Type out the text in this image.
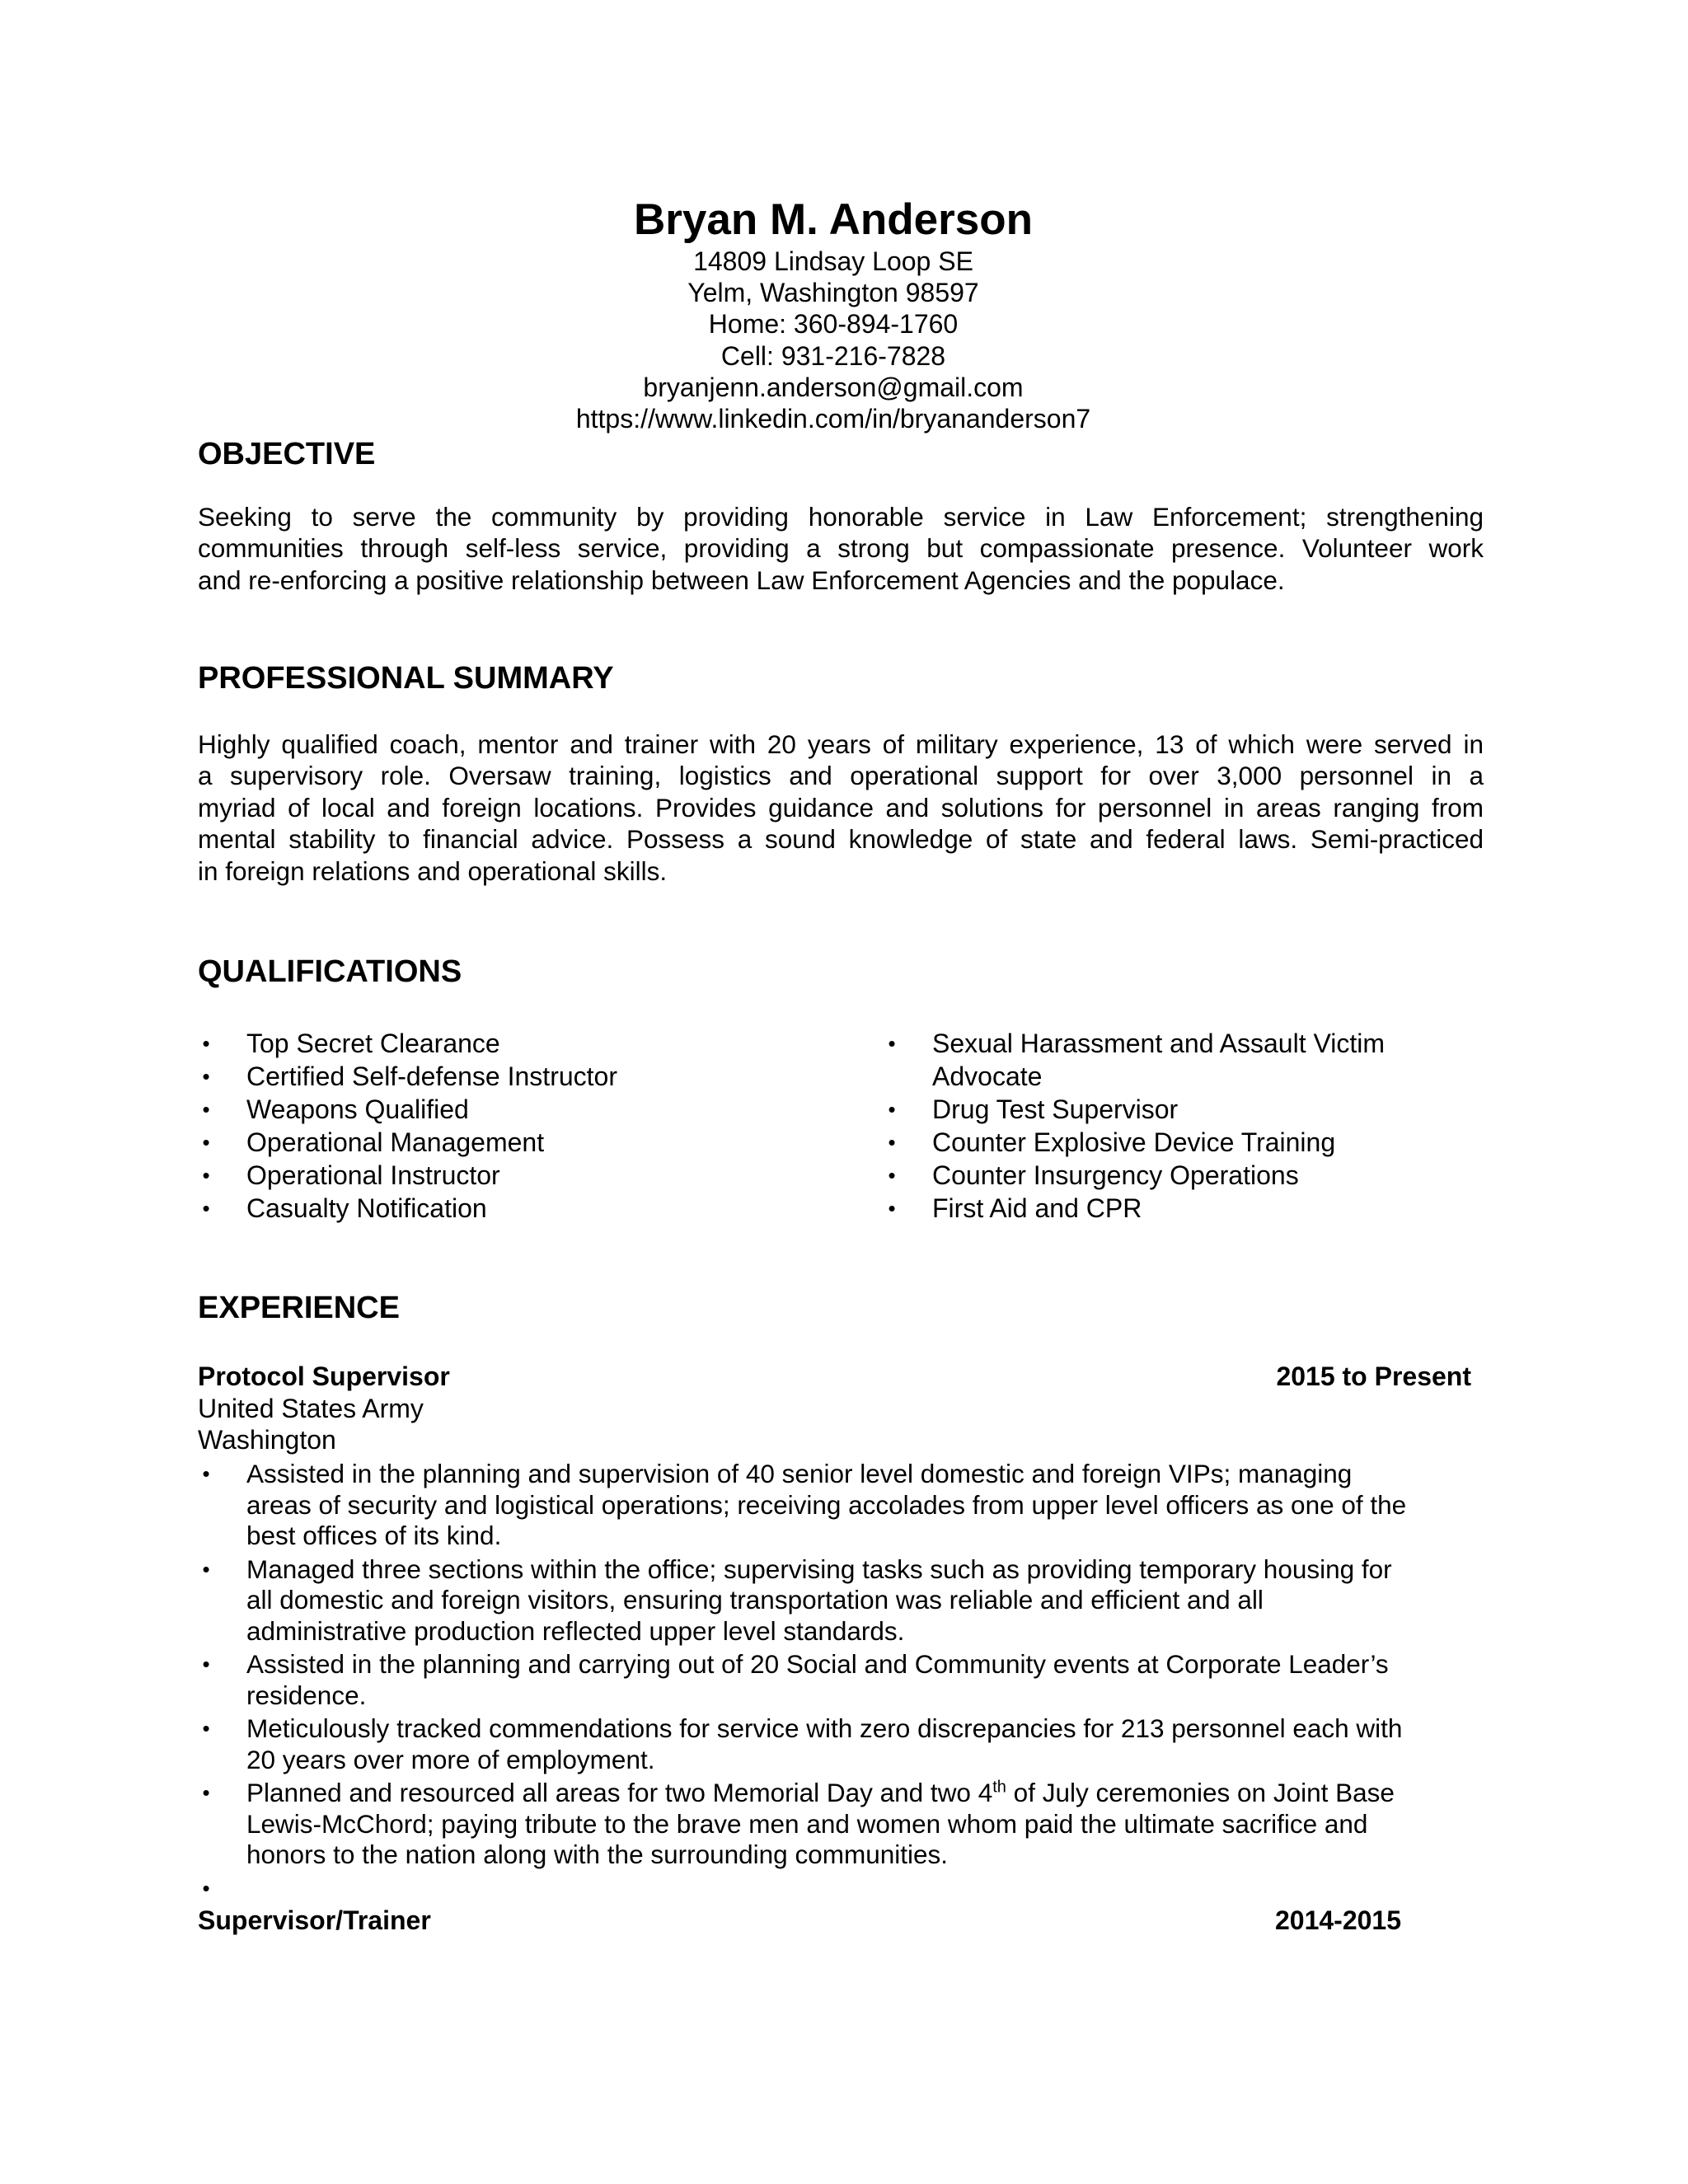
Bryan M. Anderson
14809 Lindsay Loop SE
Yelm, Washington 98597
Home: 360-894-1760
Cell: 931-216-7828
bryanjenn.anderson@gmail.com
https://www.linkedin.com/in/bryananderson7
OBJECTIVE
Seeking to serve the community by providing honorable service in Law Enforcement; strengthening
communities through self-less service, providing a strong but compassionate presence. Volunteer work
and re-enforcing a positive relationship between Law Enforcement Agencies and the populace.
PROFESSIONAL SUMMARY
Highly qualified coach, mentor and trainer with 20 years of military experience, 13 of which were served in
a supervisory role. Oversaw training, logistics and operational support for over 3,000 personnel in a
myriad of local and foreign locations. Provides guidance and solutions for personnel in areas ranging from
mental stability to financial advice. Possess a sound knowledge of state and federal laws. Semi-practiced
in foreign relations and operational skills.
QUALIFICATIONS
• Top Secret Clearance
• Certified Self-defense Instructor
• Weapons Qualified
• Operational Management
• Operational Instructor
• Casualty Notification
• Sexual Harassment and Assault Victim
Advocate
• Drug Test Supervisor
• Counter Explosive Device Training
• Counter Insurgency Operations
• First Aid and CPR
EXPERIENCE
Protocol Supervisor	2015 to Present
United States Army
Washington
• Assisted in the planning and supervision of 40 senior level domestic and foreign VIPs; managing
areas of security and logistical operations; receiving accolades from upper level officers as one of the
best offices of its kind.
• Managed three sections within the office; supervising tasks such as providing temporary housing for
all domestic and foreign visitors, ensuring transportation was reliable and efficient and all
administrative production reflected upper level standards.
• Assisted in the planning and carrying out of 20 Social and Community events at Corporate Leader’s
residence.
• Meticulously tracked commendations for service with zero discrepancies for 213 personnel each with
20 years over more of employment.
• Planned and resourced all areas for two Memorial Day and two 4th of July ceremonies on Joint Base
Lewis-McChord; paying tribute to the brave men and women whom paid the ultimate sacrifice and
honors to the nation along with the surrounding communities.
•

Supervisor/Trainer	2014-2015
